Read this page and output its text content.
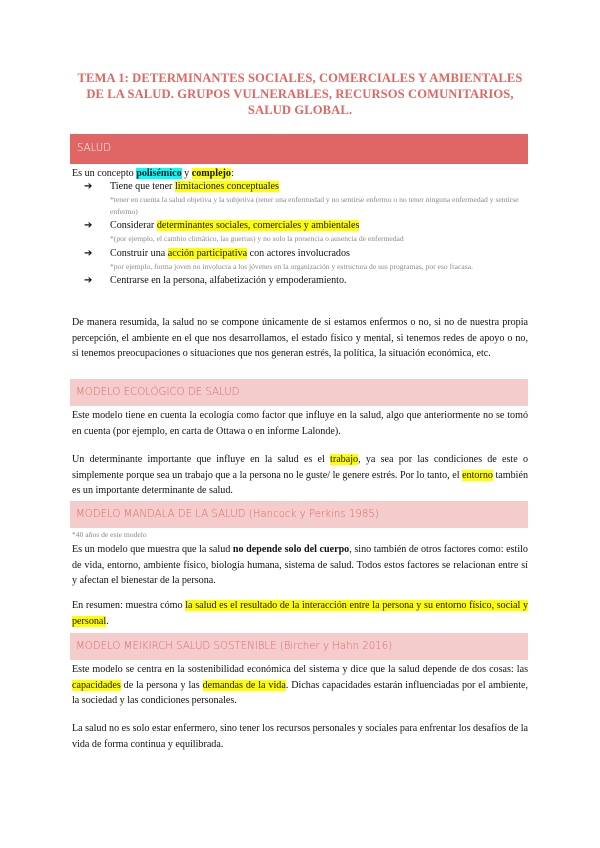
TEMA 1: DETERMINANTES SOCIALES, COMERCIALES Y AMBIENTALES DE LA SALUD. GRUPOS VULNERABLES, RECURSOS COMUNITARIOS, SALUD GLOBAL.
SALUD
Es un concepto polisémico y complejo:
➔ Tiene que tener limitaciones conceptuales
*tener en cuenta la salud objetiva y la subjetiva (tener una enfermedad y no sentirse enfermo o no tener ninguna enfermedad y sentirse enfermo)
➔ Considerar determinantes sociales, comerciales y ambientales
*(por ejemplo, el cambio climático, las guerras) y no solo la presencia o ausencia de enfermedad
➔ Construir una acción participativa con actores involucrados
*por ejemplo, forma joven no involucra a los jóvenes en la organización y estructura de sus programas, por eso fracasa.
➔ Centrarse en la persona, alfabetización y empoderamiento.
De manera resumida, la salud no se compone únicamente de si estamos enfermos o no, si no de nuestra propia percepción, el ambiente en el que nos desarrollamos, el estado físico y mental, si tenemos redes de apoyo o no, si tenemos preocupaciones o situaciones que nos generan estrés, la política, la situación económica, etc.
MODELO ECOLÓGICO DE SALUD
Este modelo tiene en cuenta la ecología como factor que influye en la salud, algo que anteriormente no se tomó en cuenta (por ejemplo, en carta de Ottawa o en informe Lalonde).
Un determinante importante que influye en la salud es el trabajo, ya sea por las condiciones de este o simplemente porque sea un trabajo que a la persona no le guste/ le genere estrés. Por lo tanto, el entorno también es un importante determinante de salud.
MODELO MANDALA DE LA SALUD (Hancock y Perkins 1985)
*40 años de este modelo
Es un modelo que muestra que la salud no depende solo del cuerpo, sino también de otros factores como: estilo de vida, entorno, ambiente físico, biología humana, sistema de salud. Todos estos factores se relacionan entre sí y afectan el bienestar de la persona.
En resumen: muestra cómo la salud es el resultado de la interacción entre la persona y su entorno físico, social y personal.
MODELO MEIKIRCH SALUD SOSTENIBLE (Bircher y Hahn 2016)
Este modelo se centra en la sostenibilidad económica del sistema y dice que la salud depende de dos cosas: las capacidades de la persona y las demandas de la vida. Dichas capacidades estarán influenciadas por el ambiente, la sociedad y las condiciones personales.
La salud no es solo estar enfermero, sino tener los recursos personales y sociales para enfrentar los desafíos de la vida de forma continua y equilibrada.
